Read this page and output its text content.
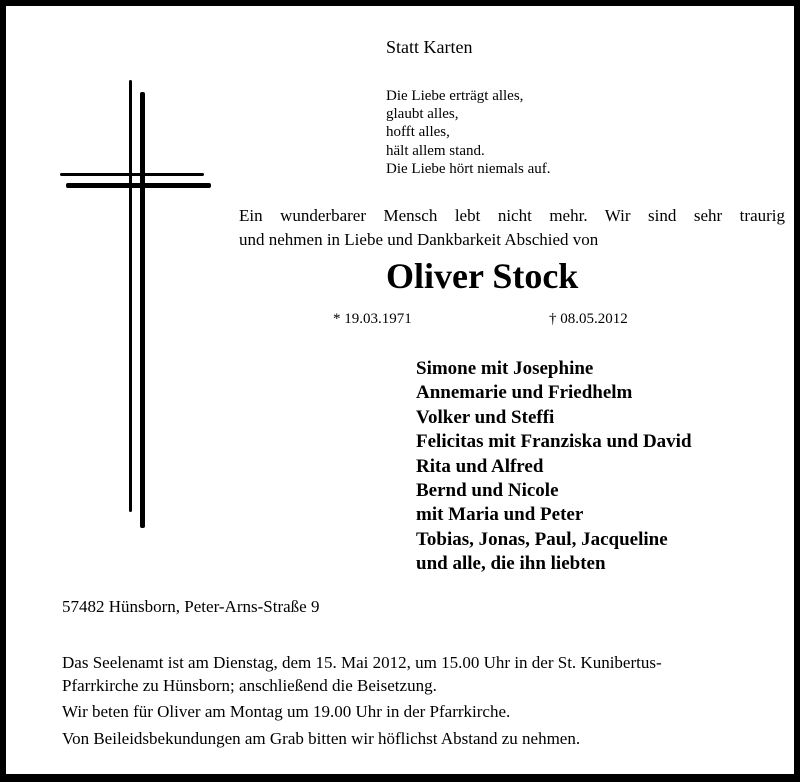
Statt Karten
Die Liebe erträgt alles,
glaubt alles,
hofft alles,
hält allem stand.
Die Liebe hört niemals auf.
Ein wunderbarer Mensch lebt nicht mehr. Wir sind sehr traurig
und nehmen in Liebe und Dankbarkeit Abschied von
Oliver Stock
* 19.03.1971	† 08.05.2012
Simone mit Josephine
Annemarie und Friedhelm
Volker und Steffi
Felicitas mit Franziska und David
Rita und Alfred
Bernd und Nicole
mit Maria und Peter
Tobias, Jonas, Paul, Jacqueline
und alle, die ihn liebten
57482 Hünsborn, Peter-Arns-Straße 9
Das Seelenamt ist am Dienstag, dem 15. Mai 2012, um 15.00 Uhr in der St. Kunibertus-
Pfarrkirche zu Hünsborn; anschließend die Beisetzung.
Wir beten für Oliver am Montag um 19.00 Uhr in der Pfarrkirche.
Von Beileidsbekundungen am Grab bitten wir höflichst Abstand zu nehmen.
